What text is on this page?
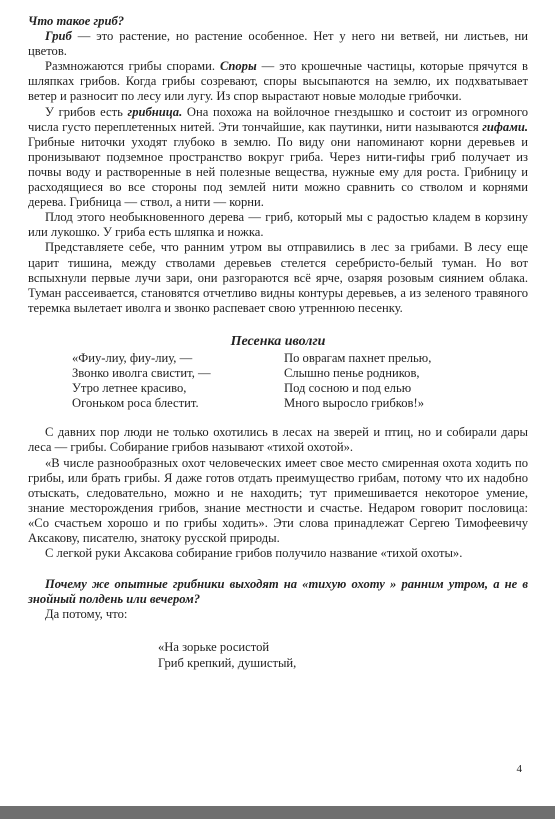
Что такое гриб?

Гриб — это растение, но растение особенное. Нет у него ни ветвей, ни листьев, ни цветов.

Размножаются грибы спорами. Споры — это крошечные частицы, которые прячутся в шляпках грибов. Когда грибы созревают, споры высыпаются на землю, их подхватывает ветер и разносит по лесу или лугу. Из спор вырастают новые молодые грибочки.

У грибов есть грибница. Она похожа на войлочное гнездышко и состоит из огромного числа густо переплетенных нитей. Эти тончайшие, как паутинки, нити называются гифами. Грибные ниточки уходят глубоко в землю. По виду они напоминают корни деревьев и пронизывают подземное пространство вокруг гриба. Через нити-гифы гриб получает из почвы воду и растворенные в ней полезные вещества, нужные ему для роста. Грибницу и расходящиеся во все стороны под землей нити можно сравнить со стволом и корнями дерева. Грибница — ствол, а нити — корни.

Плод этого необыкновенного дерева — гриб, который мы с радостью кладем в корзину или лукошко. У гриба есть шляпка и ножка.

Представляете себе, что ранним утром вы отправились в лес за грибами. В лесу еще царит тишина, между стволами деревьев стелется серебристо-белый туман. Но вот вспыхнули первые лучи зари, они разгораются всё ярче, озаряя розовым сиянием облака. Туман рассеивается, становятся отчетливо видны контуры деревьев, а из зеленого травяного теремка вылетает иволга и звонко распевает свою утреннюю песенку.

Песенка иволги
«Фиу-лиу, фиу-лиу, —
Звонко иволга свистит, —
Утро летнее красиво,
Огоньком роса блестит.
По оврагам пахнет прелью,
Слышно пенье родников,
Под сосною и под елью
Много выросло грибков!»

С давних пор люди не только охотились в лесах на зверей и птиц, но и собирали дары леса — грибы. Собирание грибов называют «тихой охотой».

«В числе разнообразных охот человеческих имеет свое место смиренная охота ходить по грибы, или брать грибы. Я даже готов отдать преимущество грибам, потому что их надобно отыскать, следовательно, можно и не находить; тут примешивается некоторое умение, знание месторождения грибов, знание местности и счастье. Недаром говорит пословица: «Со счастьем хорошо и по грибы ходить». Эти слова принадлежат Сергею Тимофеевичу Аксакову, писателю, знатоку русской природы.

С легкой руки Аксакова собирание грибов получило название «тихой охоты».

Почему же опытные грибники выходят на «тихую охоту » ранним утром, а не в знойный полдень или вечером?

Да потому, что:

«На зорьке росистой
Гриб крепкий, душистый,
4
